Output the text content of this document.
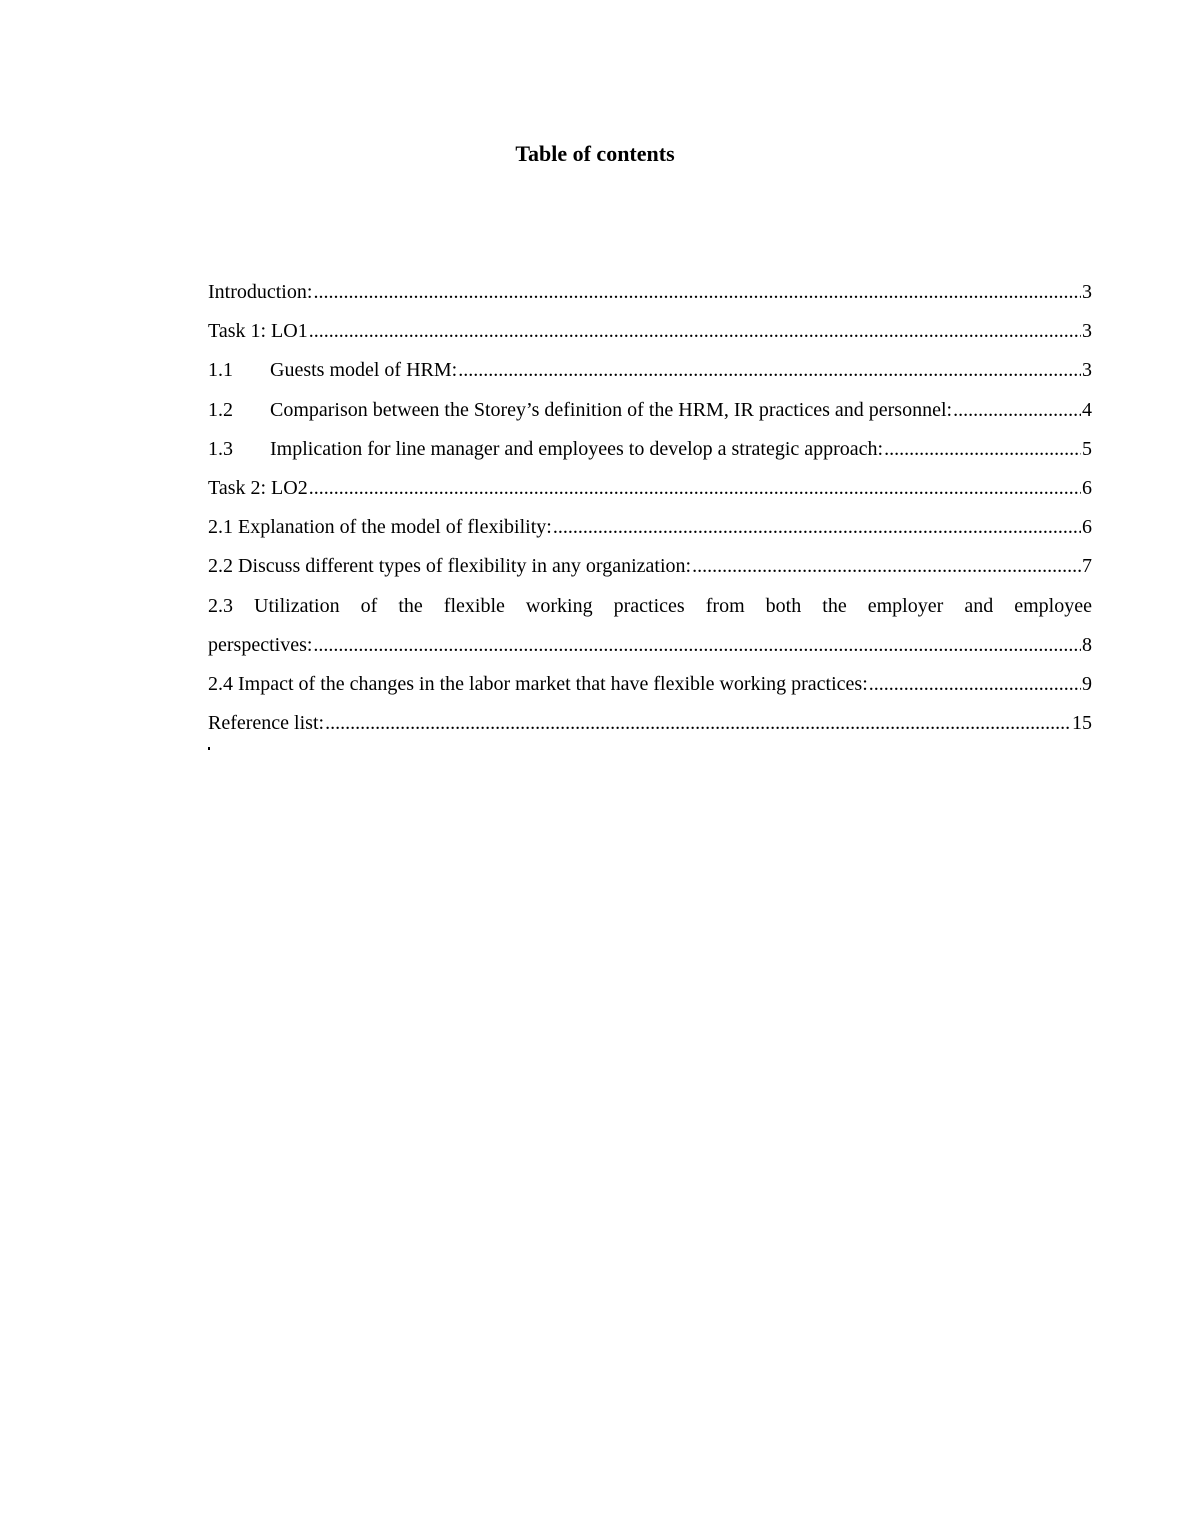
Table of contents
Introduction: .....	3
Task 1: LO1 .....	3
1.1	Guests model of HRM: .....	3
1.2	Comparison between the Storey’s definition of the HRM, IR practices and personnel: .....	4
1.3	Implication for line manager and employees to develop a strategic approach: .....	5
Task 2: LO2 .....	6
2.1 Explanation of the model of flexibility: .....	6
2.2 Discuss different types of flexibility in any organization: .....	7
2.3 Utilization of the flexible working practices from both the employer and employee
perspectives: .....	8
2.4 Impact of the changes in the labor market that have flexible working practices: .....	9
Reference list: .....	15
